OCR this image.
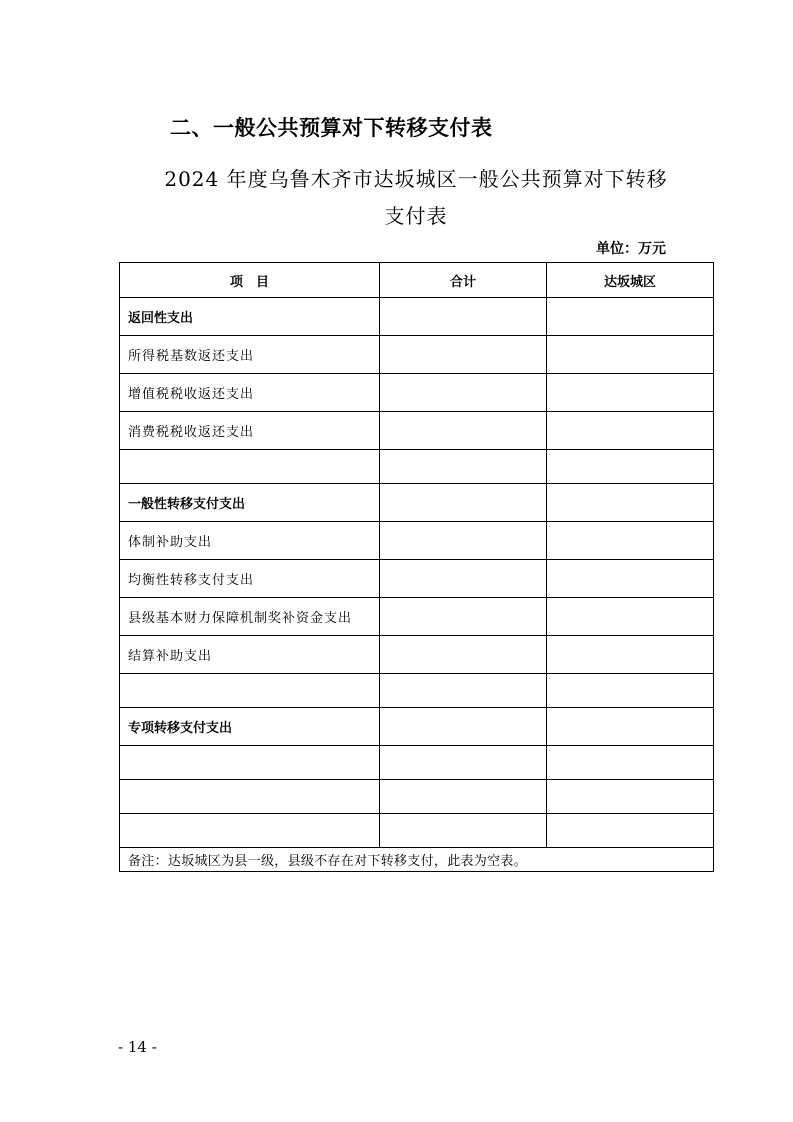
二、一般公共预算对下转移支付表
2024 年度乌鲁木齐市达坂城区一般公共预算对下转移
支付表
单位：万元
项　目	合计	达坂城区
返回性支出		
所得税基数返还支出		
增值税税收返还支出		
消费税税收返还支出		

一般性转移支付支出		
体制补助支出		
均衡性转移支付支出		
县级基本财力保障机制奖补资金支出		
结算补助支出		

专项转移支付支出		

备注：达坂城区为县一级，县级不存在对下转移支付，此表为空表。		
- 14 -
